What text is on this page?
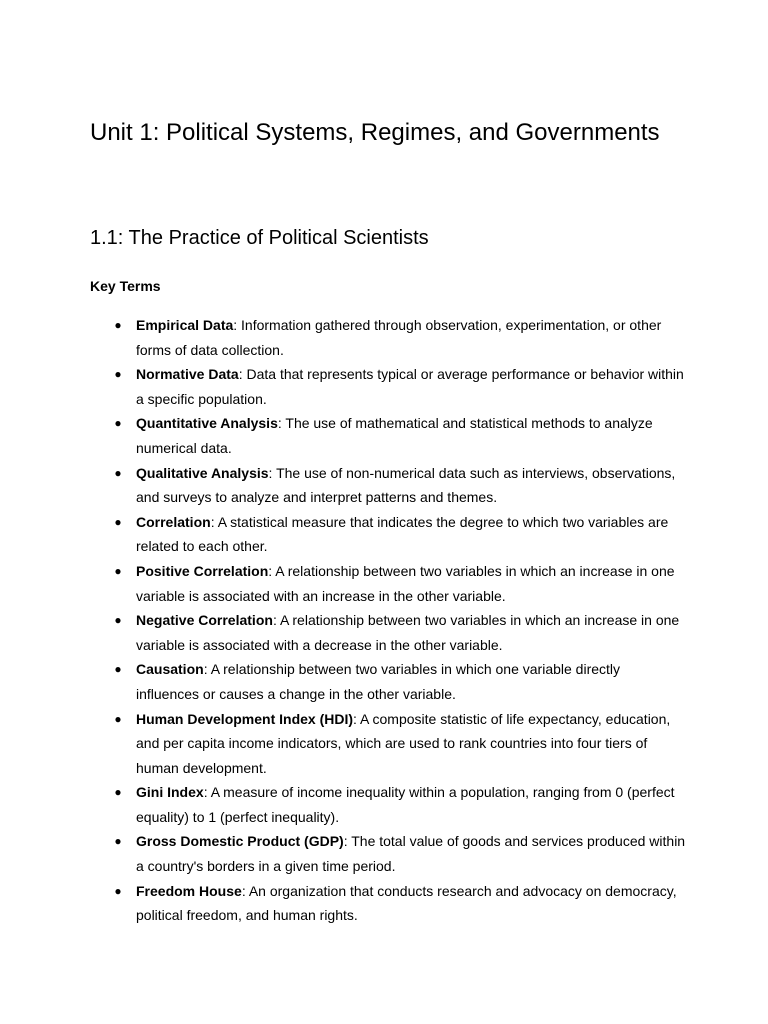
Unit 1: Political Systems, Regimes, and Governments
1.1: The Practice of Political Scientists
Key Terms
● Empirical Data: Information gathered through observation, experimentation, or other forms of data collection.
● Normative Data: Data that represents typical or average performance or behavior within a specific population.
● Quantitative Analysis: The use of mathematical and statistical methods to analyze numerical data.
● Qualitative Analysis: The use of non-numerical data such as interviews, observations, and surveys to analyze and interpret patterns and themes.
● Correlation: A statistical measure that indicates the degree to which two variables are related to each other.
● Positive Correlation: A relationship between two variables in which an increase in one variable is associated with an increase in the other variable.
● Negative Correlation: A relationship between two variables in which an increase in one variable is associated with a decrease in the other variable.
● Causation: A relationship between two variables in which one variable directly influences or causes a change in the other variable.
● Human Development Index (HDI): A composite statistic of life expectancy, education, and per capita income indicators, which are used to rank countries into four tiers of human development.
● Gini Index: A measure of income inequality within a population, ranging from 0 (perfect equality) to 1 (perfect inequality).
● Gross Domestic Product (GDP): The total value of goods and services produced within a country's borders in a given time period.
● Freedom House: An organization that conducts research and advocacy on democracy, political freedom, and human rights.
